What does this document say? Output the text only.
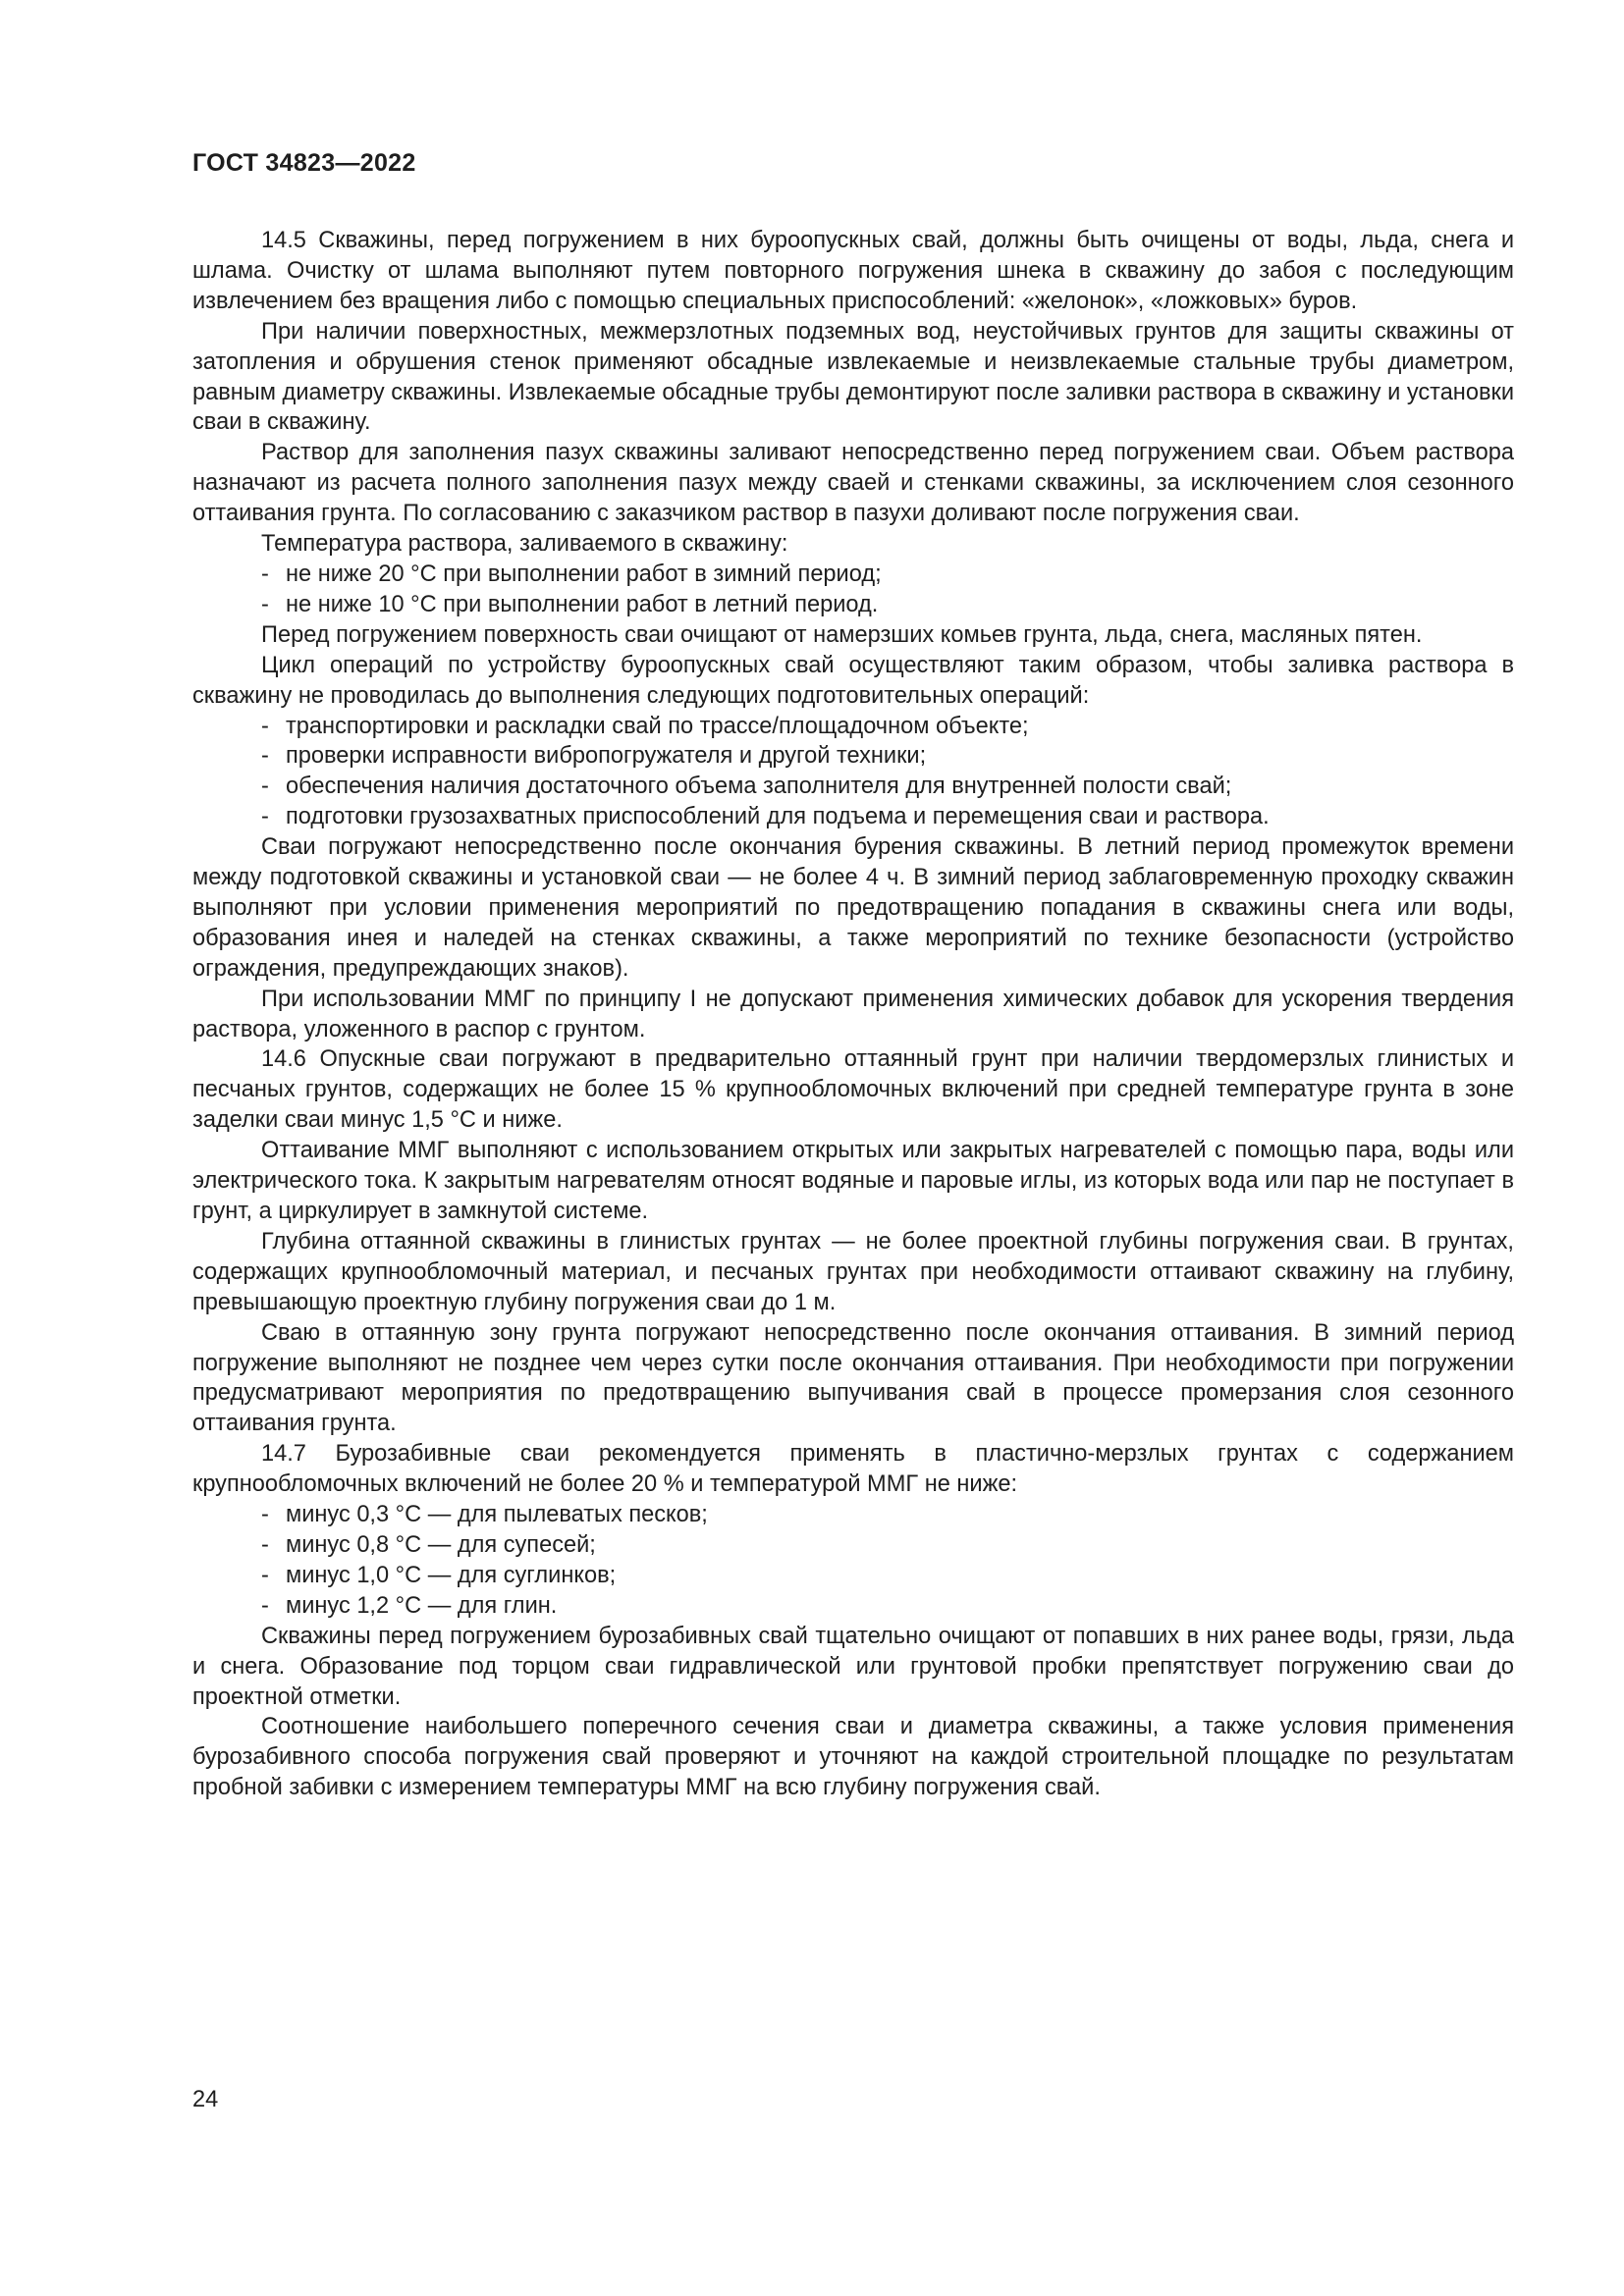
ГОСТ 34823—2022

14.5 Скважины, перед погружением в них буроопускных свай, должны быть очищены от воды, льда, снега и шлама. Очистку от шлама выполняют путем повторного погружения шнека в скважину до забоя с последующим извлечением без вращения либо с помощью специальных приспособлений: «желонок», «ложковых» буров.

При наличии поверхностных, межмерзлотных подземных вод, неустойчивых грунтов для защиты скважины от затопления и обрушения стенок применяют обсадные извлекаемые и неизвлекаемые стальные трубы диаметром, равным диаметру скважины. Извлекаемые обсадные трубы демонтируют после заливки раствора в скважину и установки сваи в скважину.

Раствор для заполнения пазух скважины заливают непосредственно перед погружением сваи. Объем раствора назначают из расчета полного заполнения пазух между сваей и стенками скважины, за исключением слоя сезонного оттаивания грунта. По согласованию с заказчиком раствор в пазухи доливают после погружения сваи.

Температура раствора, заливаемого в скважину:

- не ниже 20 °С при выполнении работ в зимний период;
- не ниже 10 °С при выполнении работ в летний период.

Перед погружением поверхность сваи очищают от намерзших комьев грунта, льда, снега, масляных пятен.

Цикл операций по устройству буроопускных свай осуществляют таким образом, чтобы заливка раствора в скважину не проводилась до выполнения следующих подготовительных операций:

- транспортировки и раскладки свай по трассе/площадочном объекте;
- проверки исправности вибропогружателя и другой техники;
- обеспечения наличия достаточного объема заполнителя для внутренней полости свай;
- подготовки грузозахватных приспособлений для подъема и перемещения сваи и раствора.

Сваи погружают непосредственно после окончания бурения скважины. В летний период промежуток времени между подготовкой скважины и установкой сваи — не более 4 ч. В зимний период заблаговременную проходку скважин выполняют при условии применения мероприятий по предотвращению попадания в скважины снега или воды, образования инея и наледей на стенках скважины, а также мероприятий по технике безопасности (устройство ограждения, предупреждающих знаков).

При использовании ММГ по принципу I не допускают применения химических добавок для ускорения твердения раствора, уложенного в распор с грунтом.

14.6 Опускные сваи погружают в предварительно оттаянный грунт при наличии твердомерзлых глинистых и песчаных грунтов, содержащих не более 15 % крупнообломочных включений при средней температуре грунта в зоне заделки сваи минус 1,5 °С и ниже.

Оттаивание ММГ выполняют с использованием открытых или закрытых нагревателей с помощью пара, воды или электрического тока. К закрытым нагревателям относят водяные и паровые иглы, из которых вода или пар не поступает в грунт, а циркулирует в замкнутой системе.

Глубина оттаянной скважины в глинистых грунтах — не более проектной глубины погружения сваи. В грунтах, содержащих крупнообломочный материал, и песчаных грунтах при необходимости оттаивают скважину на глубину, превышающую проектную глубину погружения сваи до 1 м.

Сваю в оттаянную зону грунта погружают непосредственно после окончания оттаивания. В зимний период погружение выполняют не позднее чем через сутки после окончания оттаивания. При необходимости при погружении предусматривают мероприятия по предотвращению выпучивания свай в процессе промерзания слоя сезонного оттаивания грунта.

14.7 Бурозабивные сваи рекомендуется применять в пластично-мерзлых грунтах с содержанием крупнообломочных включений не более 20 % и температурой ММГ не ниже:

- минус 0,3 °С — для пылеватых песков;
- минус 0,8 °С — для супесей;
- минус 1,0 °С — для суглинков;
- минус 1,2 °С — для глин.

Скважины перед погружением бурозабивных свай тщательно очищают от попавших в них ранее воды, грязи, льда и снега. Образование под торцом сваи гидравлической или грунтовой пробки препятствует погружению сваи до проектной отметки.

Соотношение наибольшего поперечного сечения сваи и диаметра скважины, а также условия применения бурозабивного способа погружения свай проверяют и уточняют на каждой строительной площадке по результатам пробной забивки с измерением температуры ММГ на всю глубину погружения свай.

24
